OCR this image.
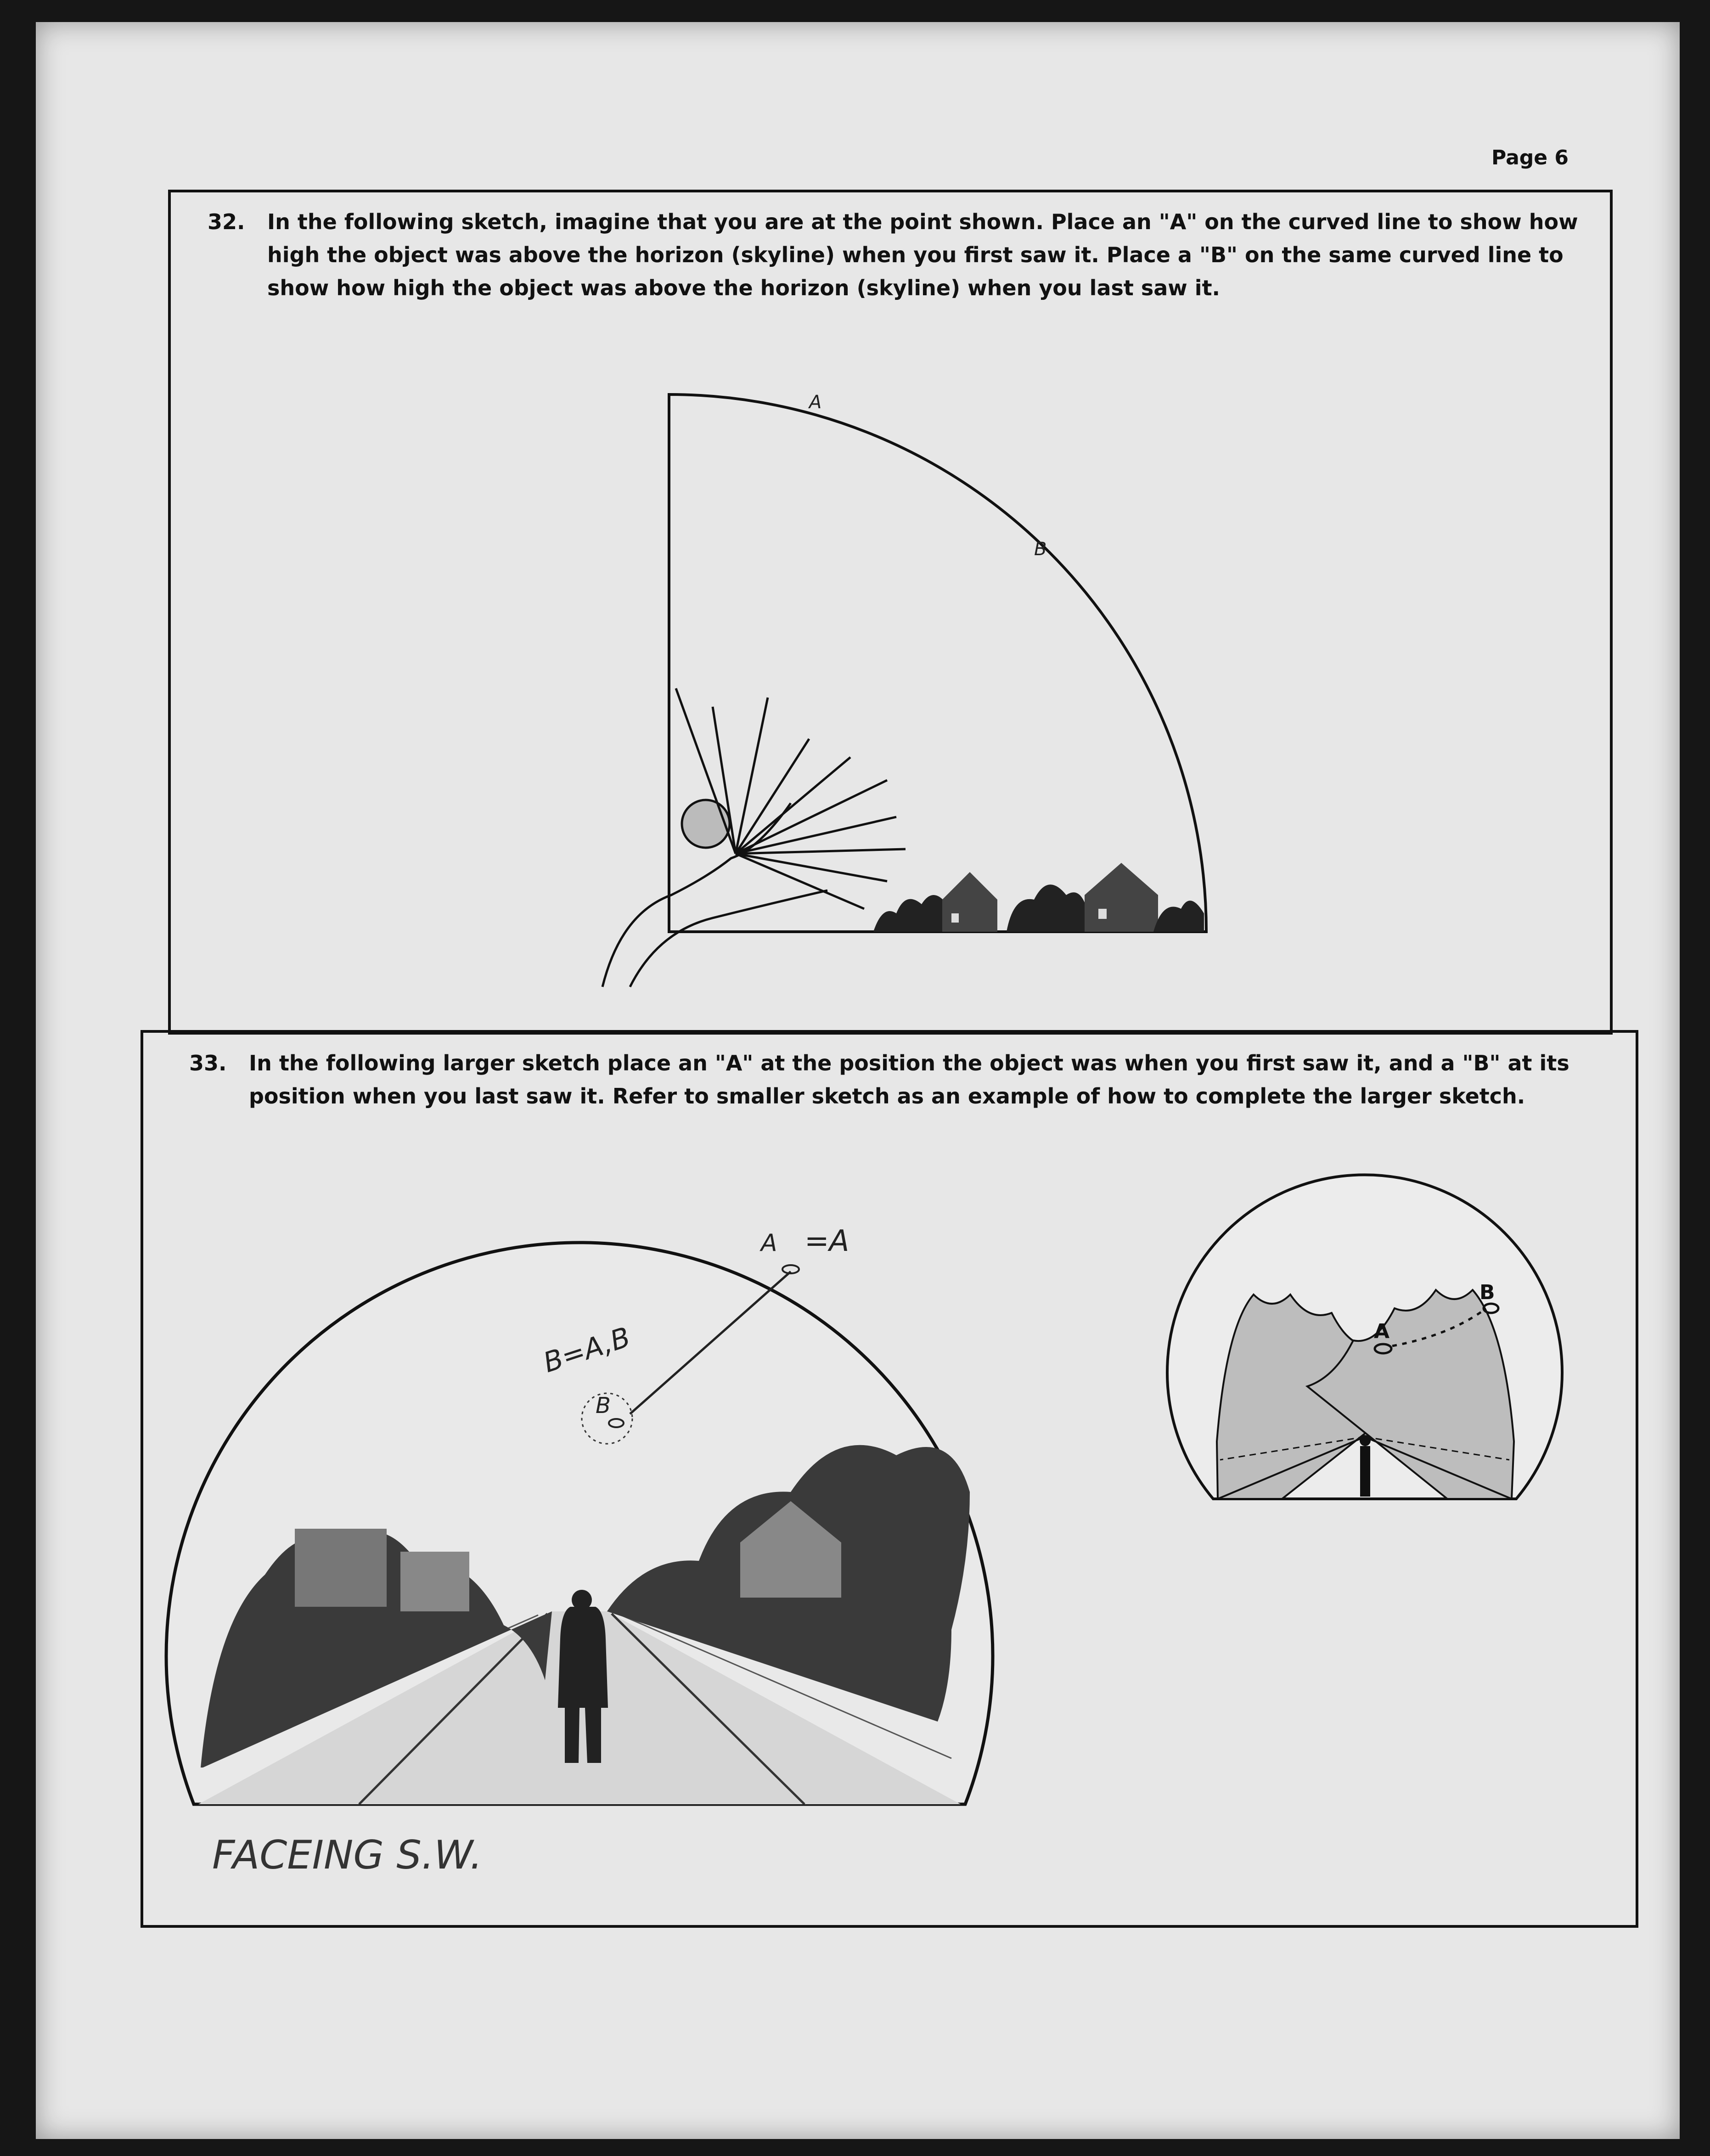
Page 6
32. In the following sketch, imagine that you are at the point shown. Place an "A" on the curved line to show how
high the object was above the horizon (skyline) when you first saw it. Place a "B" on the same curved line to
show how high the object was above the horizon (skyline) when you last saw it.
A
B
33. In the following larger sketch place an "A" at the position the object was when you first saw it, and a "B" at its
position when you last saw it. Refer to smaller sketch as an example of how to complete the larger sketch.
A =A
B=A,B
B
A
B
FACEING S.W.
